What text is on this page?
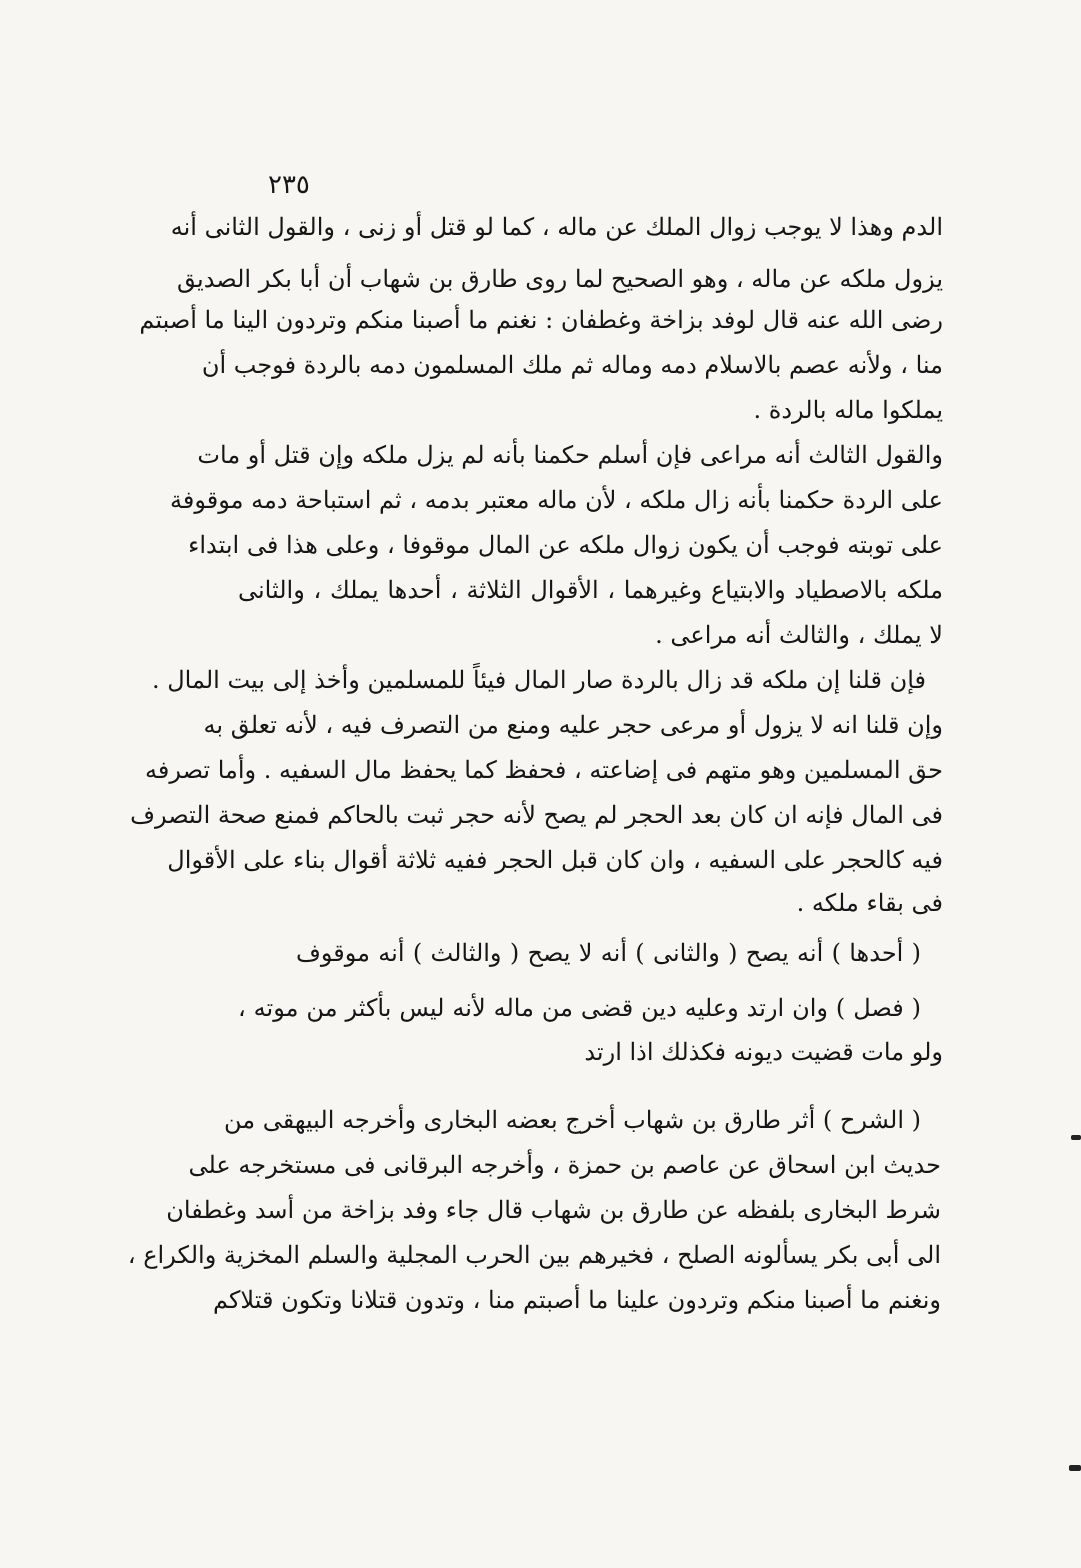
٢٣٥
الدم وهذا لا يوجب زوال الملك عن ماله ، كما لو قتل أو زنى ، والقول الثانى أنه
يزول ملكه عن ماله ، وهو الصحيح لما روى طارق بن شهاب أن أبا بكر الصديق
رضى الله عنه قال لوفد بزاخة وغطفان : نغنم ما أصبنا منكم وتردون الينا ما أصبتم
منا ، ولأنه عصم بالاسلام دمه وماله ثم ملك المسلمون دمه بالردة فوجب أن
يملكوا ماله بالردة .
والقول الثالث أنه مراعى فإن أسلم حكمنا بأنه لم يزل ملكه وإن قتل أو مات
على الردة حكمنا بأنه زال ملكه ، لأن ماله معتبر بدمه ، ثم استباحة دمه موقوفة
على توبته فوجب أن يكون زوال ملكه عن المال موقوفا ، وعلى هذا فى ابتداء
ملكه بالاصطياد والابتياع وغيرهما ، الأقوال الثلاثة ، أحدها يملك ، والثانى
لا يملك ، والثالث أنه مراعى .
فإن قلنا إن ملكه قد زال بالردة صار المال فيئاً للمسلمين وأخذ إلى بيت المال .
وإن قلنا انه لا يزول أو مرعى حجر عليه ومنع من التصرف فيه ، لأنه تعلق به
حق المسلمين وهو متهم فى إضاعته ، فحفظ كما يحفظ مال السفيه . وأما تصرفه
فى المال فإنه ان كان بعد الحجر لم يصح لأنه حجر ثبت بالحاكم فمنع صحة التصرف
فيه كالحجر على السفيه ، وان كان قبل الحجر ففيه ثلاثة أقوال بناء على الأقوال
فى بقاء ملكه .
( أحدها ) أنه يصح ( والثانى ) أنه لا يصح ( والثالث ) أنه موقوف
( فصل ) وان ارتد وعليه دين قضى من ماله لأنه ليس بأكثر من موته ،
ولو مات قضيت ديونه فكذلك اذا ارتد
( الشرح ) أثر طارق بن شهاب أخرج بعضه البخارى وأخرجه البيهقى من
حديث ابن اسحاق عن عاصم بن حمزة ، وأخرجه البرقانى فى مستخرجه على
شرط البخارى بلفظه عن طارق بن شهاب قال جاء وفد بزاخة من أسد وغطفان
الى أبى بكر يسألونه الصلح ، فخيرهم بين الحرب المجلية والسلم المخزية والكراع ،
ونغنم ما أصبنا منكم وتردون علينا ما أصبتم منا ، وتدون قتلانا وتكون قتلاكم
